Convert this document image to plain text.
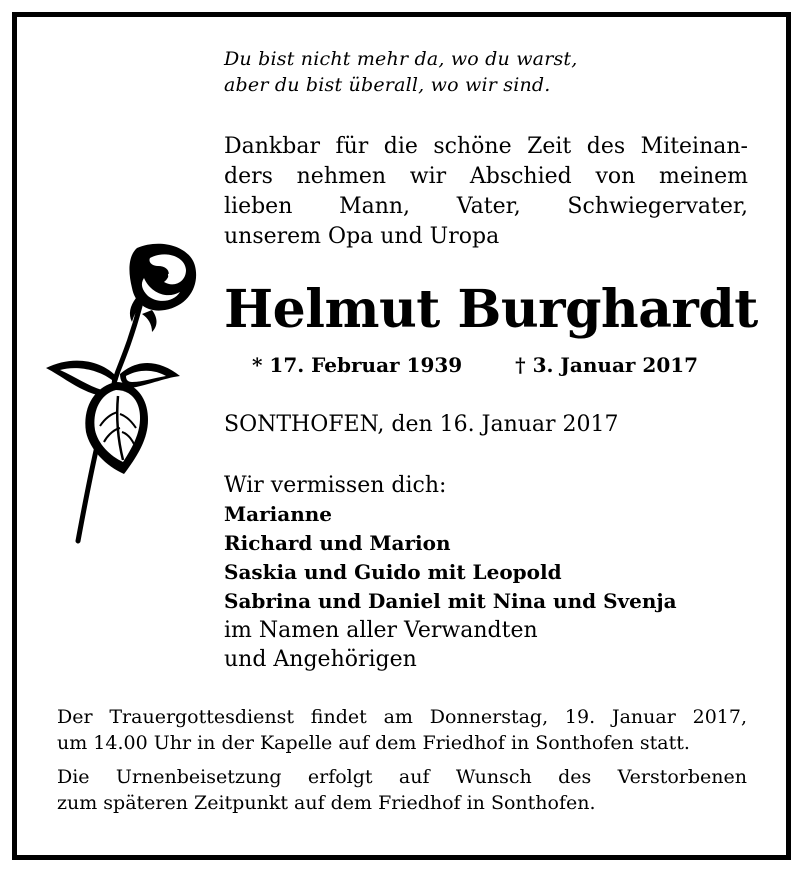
Du bist nicht mehr da, wo du warst,
aber du bist überall, wo wir sind.
Dankbar für die schöne Zeit des Miteinan-
ders nehmen wir Abschied von meinem
lieben Mann, Vater, Schwiegervater,
unserem Opa und Uropa
Helmut Burghardt
* 17. Februar 1939	† 3. Januar 2017
SONTHOFEN, den 16. Januar 2017
Wir vermissen dich:
Marianne
Richard und Marion
Saskia und Guido mit Leopold
Sabrina und Daniel mit Nina und Svenja
im Namen aller Verwandten
und Angehörigen

Der Trauergottesdienst findet am Donnerstag, 19. Januar 2017,
um 14.00 Uhr in der Kapelle auf dem Friedhof in Sonthofen statt.

Die Urnenbeisetzung erfolgt auf Wunsch des Verstorbenen
zum späteren Zeitpunkt auf dem Friedhof in Sonthofen.
